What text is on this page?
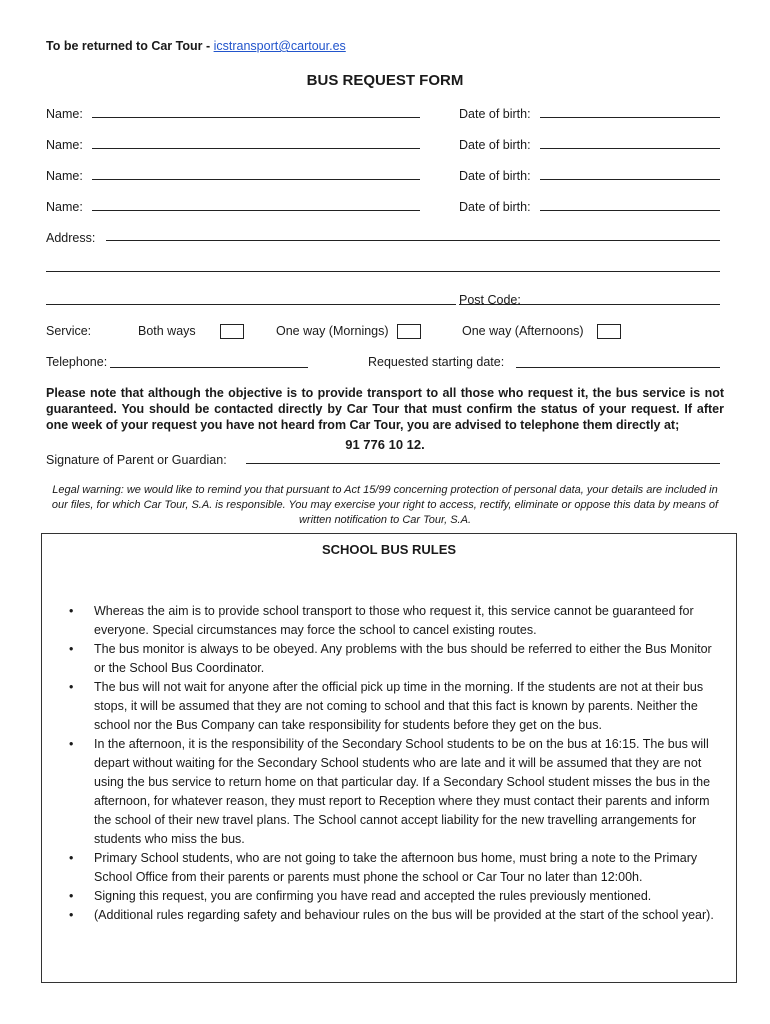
To be returned to Car Tour - icstransport@cartour.es
BUS REQUEST FORM
Name:	Date of birth:
Name:	Date of birth:
Name:	Date of birth:
Name:	Date of birth:
Address:
Post Code:
Service:	Both ways	One way (Mornings)	One way (Afternoons)
Telephone:	Requested starting date:
Please note that although the objective is to provide transport to all those who request it, the bus service is not guaranteed. You should be contacted directly by Car Tour that must confirm the status of your request. If after one week of your request you have not heard from Car Tour, you are advised to telephone them directly at;
91 776 10 12.
Signature of Parent or Guardian:
Legal warning: we would like to remind you that pursuant to Act 15/99 concerning protection of personal data, your details are included in our files, for which Car Tour, S.A. is responsible. You may exercise your right to access, rectify, eliminate or oppose this data by means of written notification to Car Tour, S.A.
SCHOOL BUS RULES
• Whereas the aim is to provide school transport to those who request it, this service cannot be guaranteed for everyone. Special circumstances may force the school to cancel existing routes.
• The bus monitor is always to be obeyed. Any problems with the bus should be referred to either the Bus Monitor or the School Bus Coordinator.
• The bus will not wait for anyone after the official pick up time in the morning. If the students are not at their bus stops, it will be assumed that they are not coming to school and that this fact is known by parents. Neither the school nor the Bus Company can take responsibility for students before they get on the bus.
• In the afternoon, it is the responsibility of the Secondary School students to be on the bus at 16:15. The bus will depart without waiting for the Secondary School students who are late and it will be assumed that they are not using the bus service to return home on that particular day. If a Secondary School student misses the bus in the afternoon, for whatever reason, they must report to Reception where they must contact their parents and inform the school of their new travel plans. The School cannot accept liability for the new travelling arrangements for students who miss the bus.
• Primary School students, who are not going to take the afternoon bus home, must bring a note to the Primary School Office from their parents or parents must phone the school or Car Tour no later than 12:00h.
• Signing this request, you are confirming you have read and accepted the rules previously mentioned.
• (Additional rules regarding safety and behaviour rules on the bus will be provided at the start of the school year).
